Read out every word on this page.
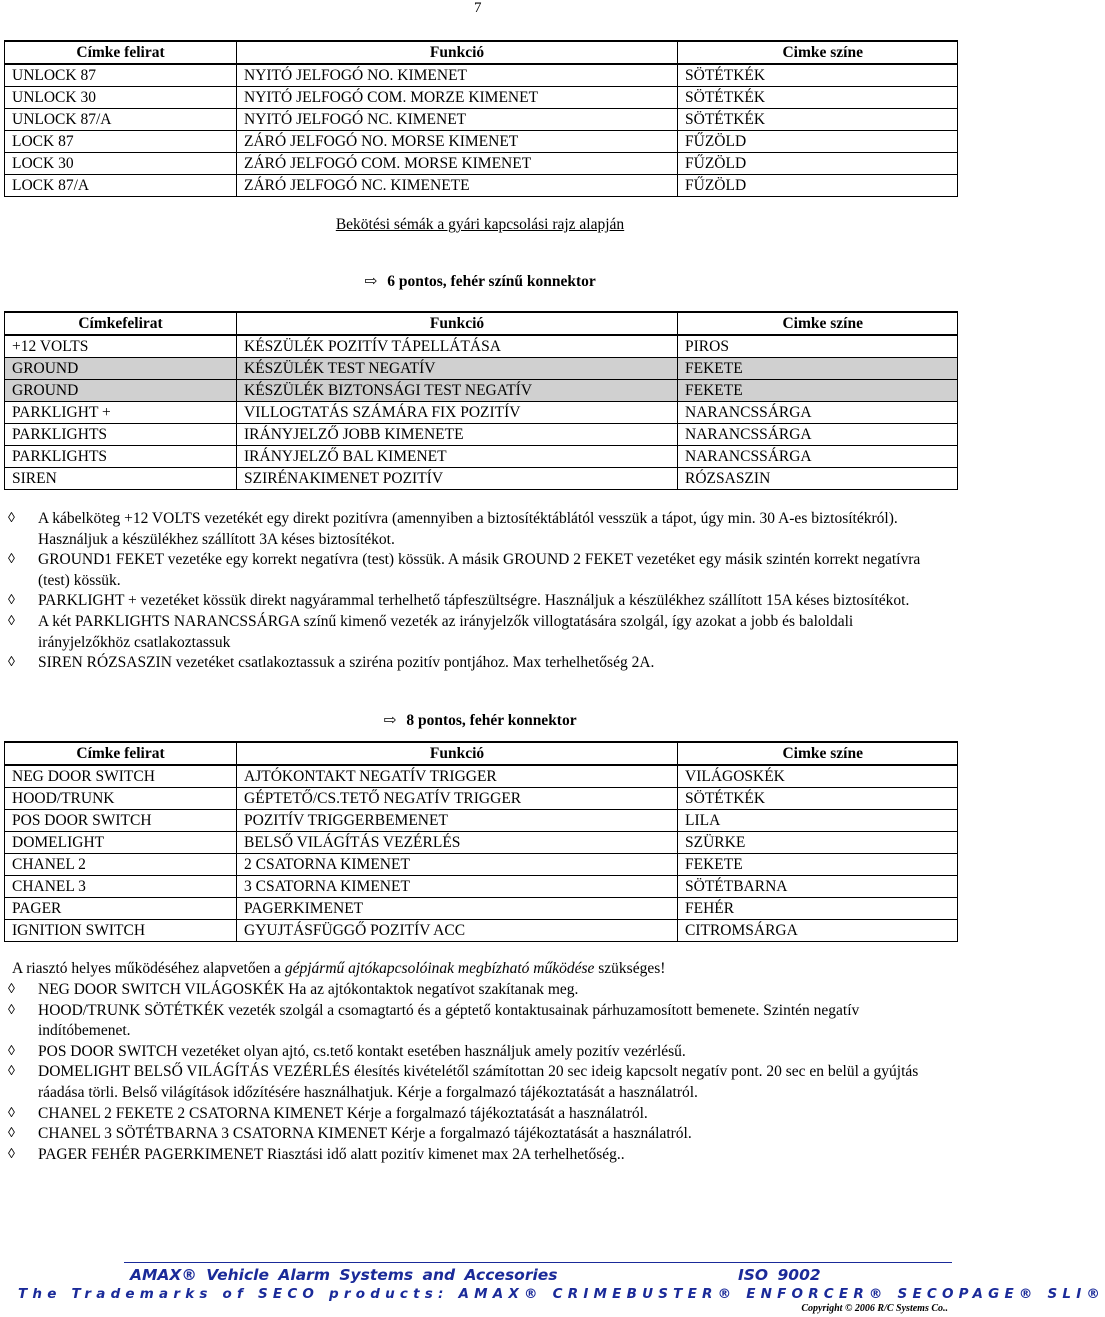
7
Címke felirat	Funkció	Cimke színe
UNLOCK 87	NYITÓ JELFOGÓ NO. KIMENET	SÖTÉTKÉK
UNLOCK 30	NYITÓ JELFOGÓ COM. MORZE KIMENET	SÖTÉTKÉK
UNLOCK 87/A	NYITÓ JELFOGÓ NC. KIMENET	SÖTÉTKÉK
LOCK 87	ZÁRÓ JELFOGÓ NO. MORSE KIMENET	FŰZÖLD
LOCK 30	ZÁRÓ JELFOGÓ COM. MORSE KIMENET	FŰZÖLD
LOCK 87/A	ZÁRÓ JELFOGÓ NC. KIMENETE	FŰZÖLD
Bekötési sémák a gyári kapcsolási rajz alapján
⇨ 6 pontos, fehér színű konnektor
Címkefelirat	Funkció	Cimke színe
+12 VOLTS	KÉSZÜLÉK POZITÍV TÁPELLÁTÁSA	PIROS
GROUND	KÉSZÜLÉK TEST NEGATÍV	FEKETE
GROUND	KÉSZÜLÉK BIZTONSÁGI TEST NEGATÍV	FEKETE
PARKLIGHT +	VILLOGTATÁS SZÁMÁRA FIX POZITÍV	NARANCSSÁRGA
PARKLIGHTS	IRÁNYJELZŐ JOBB KIMENETE	NARANCSSÁRGA
PARKLIGHTS	IRÁNYJELZŐ BAL KIMENET	NARANCSSÁRGA
SIREN	SZIRÉNAKIMENET POZITÍV	RÓZSASZIN
◊ A kábelköteg +12 VOLTS vezetékét egy direkt pozitívra (amennyiben a biztosítéktáblától vesszük a tápot, úgy min. 30 A-es biztosítékról). Használjuk a készülékhez szállított 3A késes biztosítékot.
◊ GROUND1 FEKET vezetéke egy korrekt negatívra (test) kössük. A másik GROUND 2 FEKET vezetéket egy másik szintén korrekt negatívra (test) kössük.
◊ PARKLIGHT + vezetéket kössük direkt nagyárammal terhelhető tápfeszültségre. Használjuk a készülékhez szállított 15A késes biztosítékot.
◊ A két PARKLIGHTS NARANCSSÁRGA színű kimenő vezeték az irányjelzők villogtatására szolgál, így azokat a jobb és baloldali irányjelzőkhöz csatlakoztassuk
◊ SIREN RÓZSASZIN vezetéket csatlakoztassuk a sziréna pozitív pontjához. Max terhelhetőség 2A.
⇨ 8 pontos, fehér konnektor
Címke felirat	Funkció	Cimke színe
NEG DOOR SWITCH	AJTÓKONTAKT NEGATÍV TRIGGER	VILÁGOSKÉK
HOOD/TRUNK	GÉPTETŐ/CS.TETŐ NEGATÍV TRIGGER	SÖTÉTKÉK
POS DOOR SWITCH	POZITÍV TRIGGERBEMENET	LILA
DOMELIGHT	BELSŐ VILÁGÍTÁS VEZÉRLÉS	SZÜRKE
CHANEL 2	2 CSATORNA KIMENET	FEKETE
CHANEL 3	3 CSATORNA KIMENET	SÖTÉTBARNA
PAGER	PAGERKIMENET	FEHÉR
IGNITION SWITCH	GYUJTÁSFÜGGŐ POZITÍV ACC	CITROMSÁRGA
A riasztó helyes működéséhez alapvetően a gépjármű ajtókapcsolóinak megbízható működése szükséges!
◊ NEG DOOR SWITCH VILÁGOSKÉK Ha az ajtókontaktok negatívot szakítanak meg.
◊ HOOD/TRUNK SÖTÉTKÉK vezeték szolgál a csomagtartó és a géptető kontaktusainak párhuzamosított bemenete. Szintén negatív indítóbemenet.
◊ POS DOOR SWITCH vezetéket olyan ajtó, cs.tető kontakt esetében használjuk amely pozitív vezérlésű.
◊ DOMELIGHT BELSŐ VILÁGÍTÁS VEZÉRLÉS élesítés kivételétől számítottan 20 sec ideig kapcsolt negatív pont. 20 sec en belül a gyújtás ráadása törli. Belső világítások időzítésére használhatjuk. Kérje a forgalmazó tájékoztatását a használatról.
◊ CHANEL 2 FEKETE 2 CSATORNA KIMENET Kérje a forgalmazó tájékoztatását a használatról.
◊ CHANEL 3 SÖTÉTBARNA 3 CSATORNA KIMENET Kérje a forgalmazó tájékoztatását a használatról.
◊ PAGER FEHÉR PAGERKIMENET Riasztási idő alatt pozitív kimenet max 2A terhelhetőség..
AMAX® Vehicle Alarm Systems and Accesories	ISO 9002
The Trademarks of SECO products: AMAX® CRIMEBUSTER® ENFORCER® SECOPAGE® SLI®
Copyright © 2006 R/C Systems Co..
